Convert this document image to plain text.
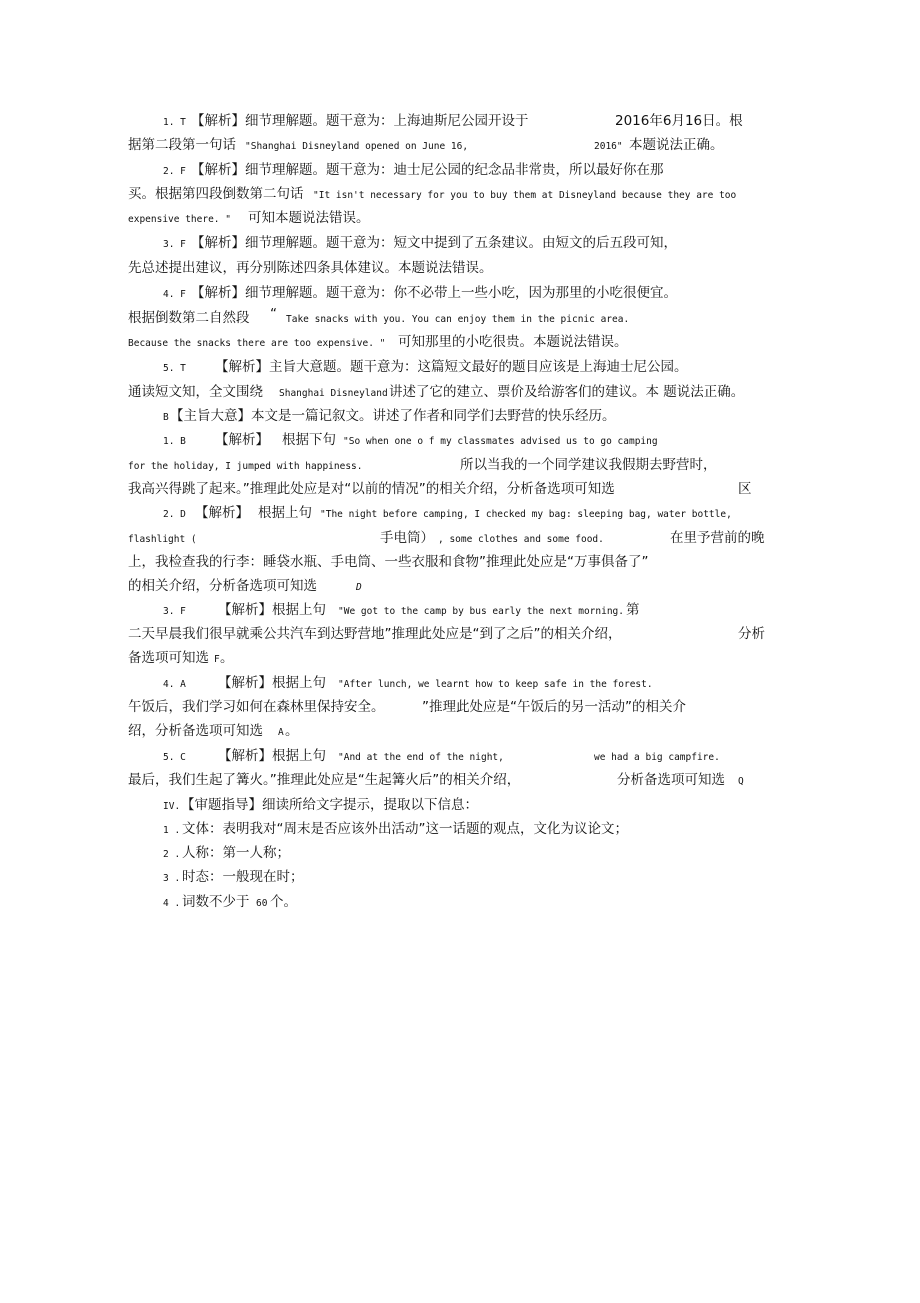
1. T 【解析】细节理解题。题干意为：上海迪斯尼公园开设于	2016年6月16日。根
据第二段第一句话 "Shanghai Disneyland opened on June 16,	2016" 本题说法正确。
2. F 【解析】细节理解题。题干意为：迪士尼公园的纪念品非常贵，所以最好你在那
买。根据第四段倒数第二句话 "It isn't necessary for you to buy them at Disneyland because they are too
expensive there. " 可知本题说法错误。
3. F 【解析】细节理解题。题干意为：短文中提到了五条建议。由短文的后五段可知，
先总述提出建议，再分别陈述四条具体建议。本题说法错误。
4. F 【解析】细节理解题。题干意为：你不必带上一些小吃，因为那里的小吃很便宜。
根据倒数第二自然段 “ Take snacks with you. You can enjoy them in the picnic area.
Because the snacks there are too expensive. " 可知那里的小吃很贵。本题说法错误。
5. T 【解析】主旨大意题。题干意为：这篇短文最好的题目应该是上海迪士尼公园。
通读短文知，全文围绕 Shanghai Disneyland 讲述了它的建立、票价及给游客们的建议。本 题说法正确。
B 【主旨大意】本文是一篇记叙文。讲述了作者和同学们去野营的快乐经历。
1. B 【解析】 根据下句 "So when one o f my classmates advised us to go camping
for the holiday, I jumped with happiness.	所以当我的一个同学建议我假期去野营时，
我高兴得跳了起来。”推理此处应是对“以前的情况”的相关介绍，分析备选项可知选	区
2. D 【解析】 根据上句 "The night before camping, I checked my bag: sleeping bag, water bottle,
flashlight (	手电筒） , some clothes and some food.	在里予营前的晚
上，我检查我的行李：睡袋水瓶、手电筒、一些衣服和食物”推理此处应是“万事俱备了”
的相关介绍，分析备选项可知选	D
3. F 【解析】根据上句 "We got to the camp by bus early the next morning. 第
二天早晨我们很早就乘公共汽车到达野营地”推理此处应是“到了之后”的相关介绍，	分析
备选项可知选 F 。
4. A 【解析】根据上句 "After lunch, we learnt how to keep safe in the forest.
午饭后，我们学习如何在森林里保持安全。	”推理此处应是“午饭后的另一活动”的相关介
绍，分析备选项可知选 A 。
5. C 【解析】根据上句 "And at the end of the night,	we had a big campfire.
最后，我们生起了篝火。”推理此处应是“生起篝火后”的相关介绍，	分析备选项可知选 Q
IV. 【审题指导】细读所给文字提示，提取以下信息：
1 . 文体：表明我对“周末是否应该外出活动”这一话题的观点，文化为议论文；
2 . 人称：第一人称；
3 . 时态：一般现在时；
4 . 词数不少于 60 个。
